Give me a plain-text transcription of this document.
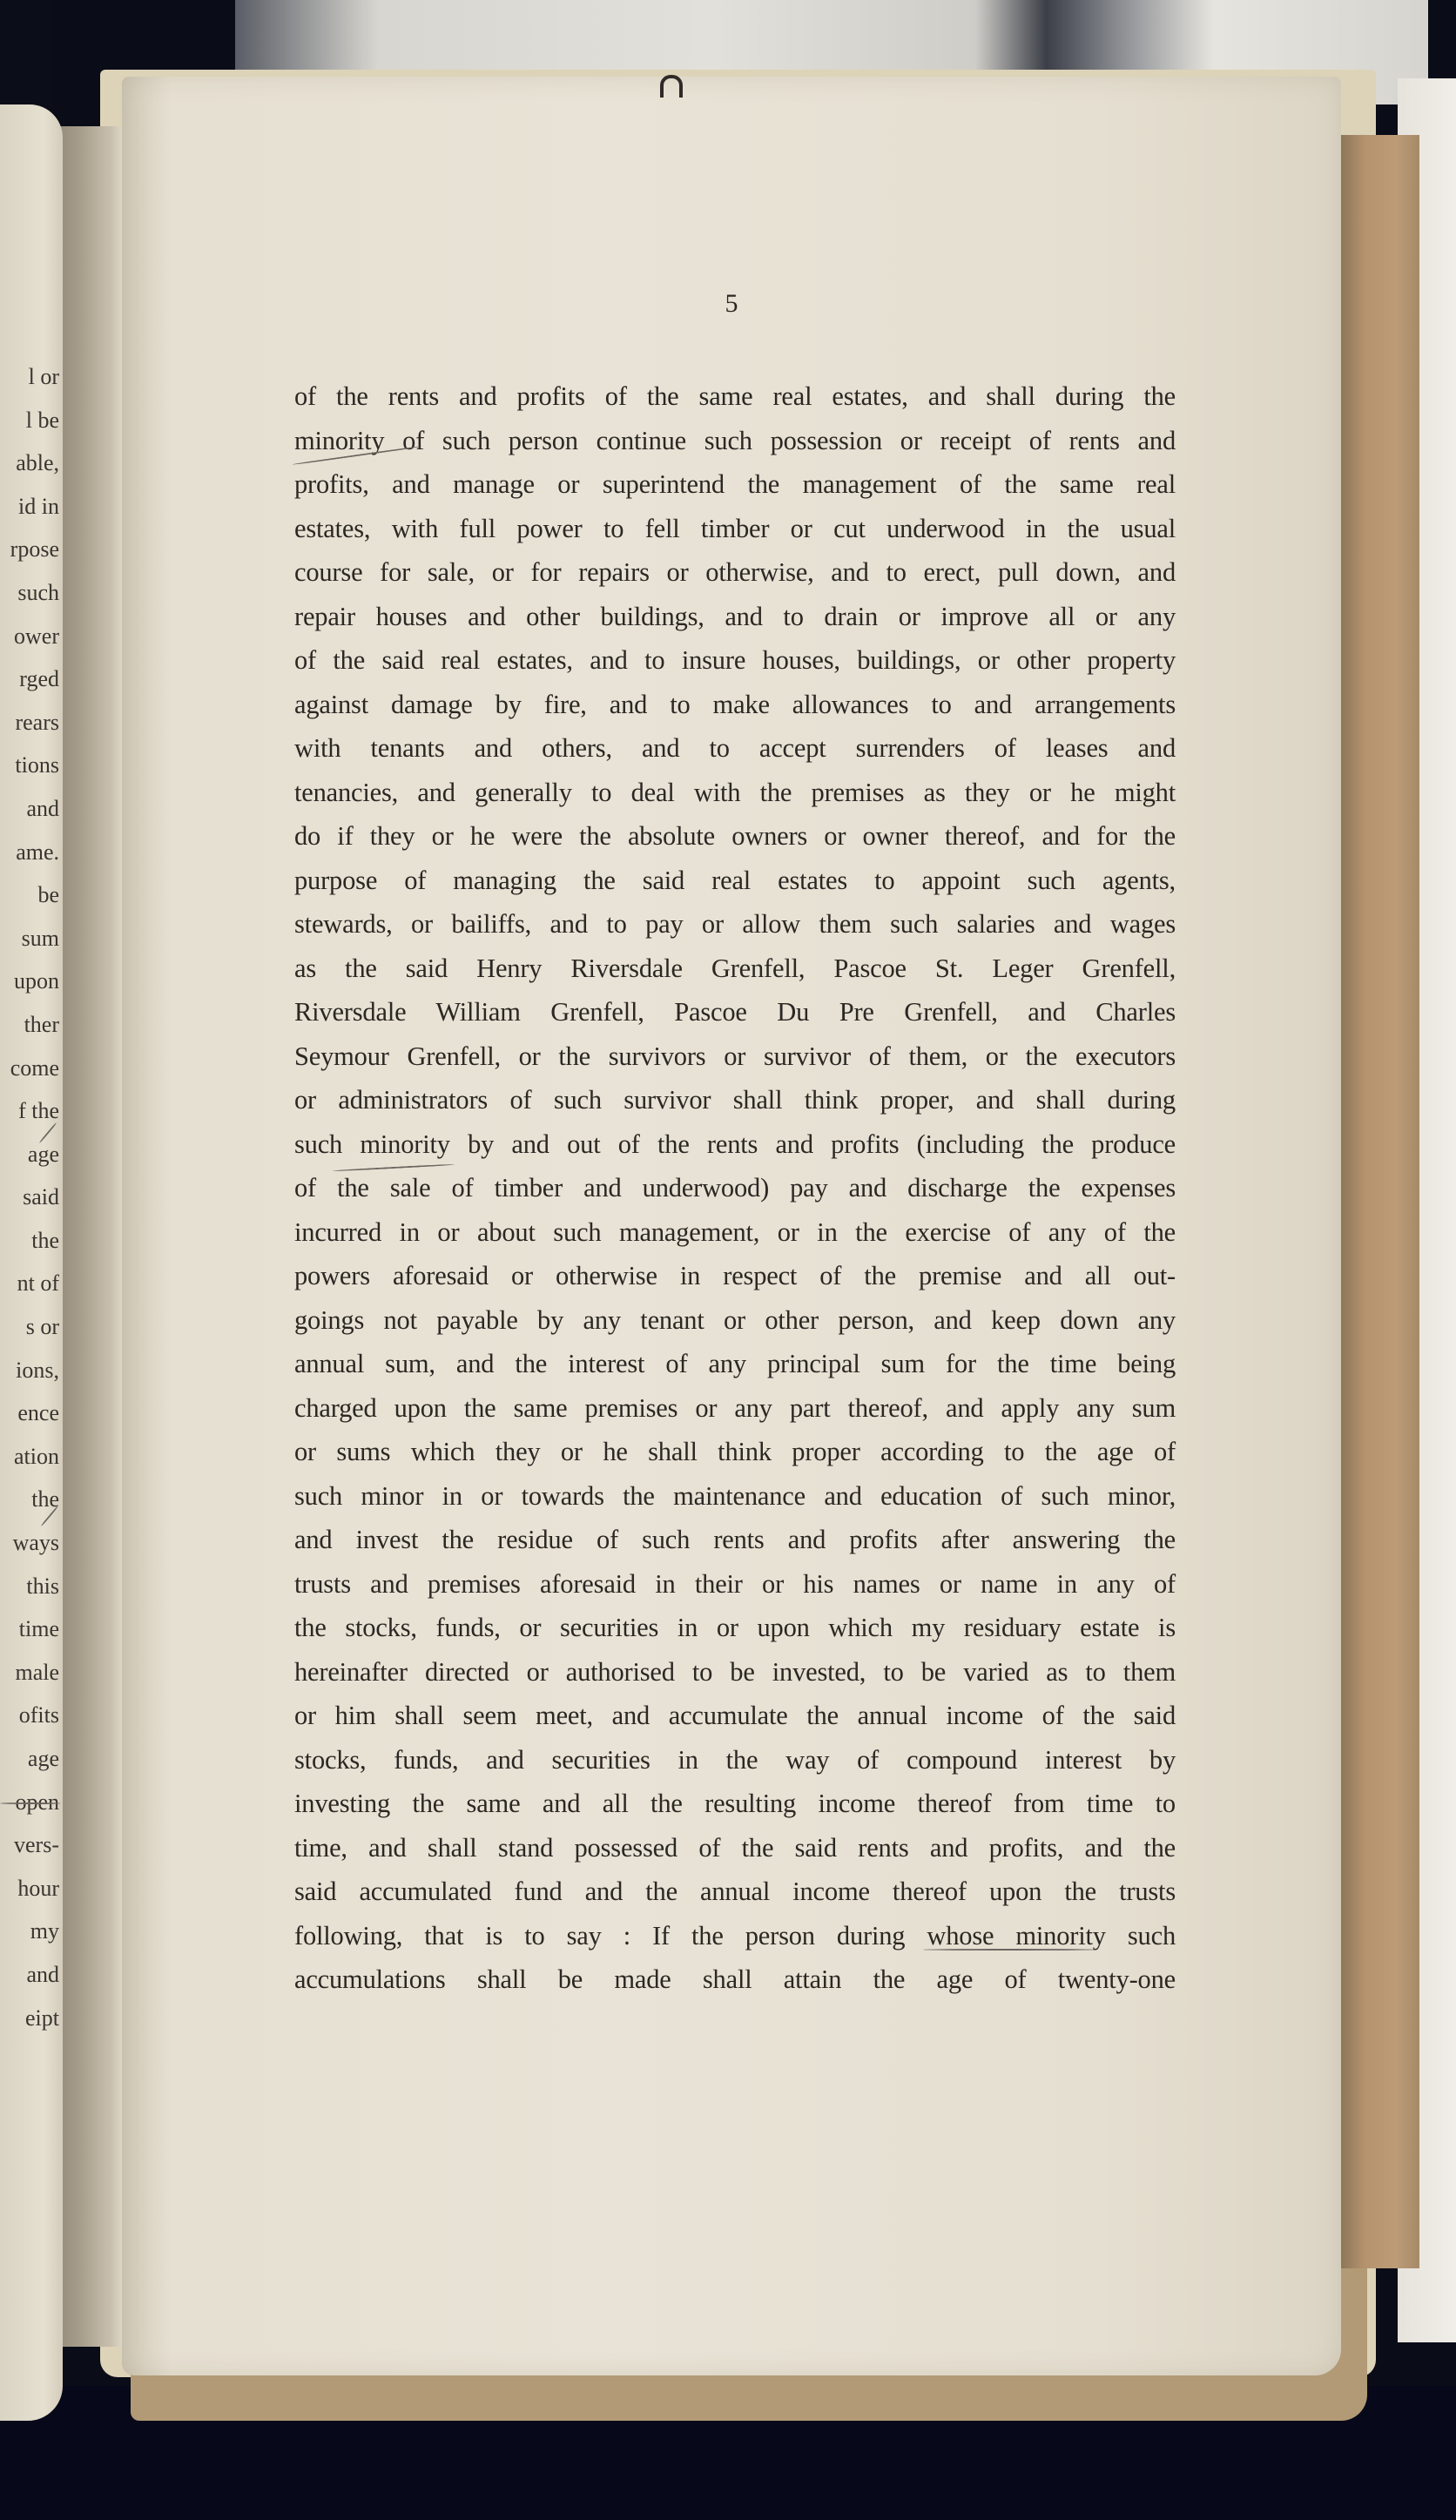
l or
l be
able,
id in
rpose
such
ower
rged
rears
tions
and
ame.
be
sum
upon
ther
come
f the
age
said
the
nt of
s or
ions,
ence
ation
the
ways
this
time
male
ofits
age
open
vers-
hour
my
and
eipt
5
of the rents and profits of the same real estates, and shall during the
minority of such person continue such possession or receipt of rents and
profits, and manage or superintend the management of the same real
estates, with full power to fell timber or cut underwood in the usual
course for sale, or for repairs or otherwise, and to erect, pull down, and
repair houses and other buildings, and to drain or improve all or any
of the said real estates, and to insure houses, buildings, or other property
against damage by fire, and to make allowances to and arrangements
with tenants and others, and to accept surrenders of leases and
tenancies, and generally to deal with the premises as they or he might
do if they or he were the absolute owners or owner thereof, and for the
purpose of managing the said real estates to appoint such agents,
stewards, or bailiffs, and to pay or allow them such salaries and wages
as the said Henry Riversdale Grenfell, Pascoe St. Leger Grenfell,
Riversdale William Grenfell, Pascoe Du Pre Grenfell, and Charles
Seymour Grenfell, or the survivors or survivor of them, or the executors
or administrators of such survivor shall think proper, and shall during
such minority by and out of the rents and profits (including the produce
of the sale of timber and underwood) pay and discharge the expenses
incurred in or about such management, or in the exercise of any of the
powers aforesaid or otherwise in respect of the premise and all out-
goings not payable by any tenant or other person, and keep down any
annual sum, and the interest of any principal sum for the time being
charged upon the same premises or any part thereof, and apply any sum
or sums which they or he shall think proper according to the age of
such minor in or towards the maintenance and education of such minor,
and invest the residue of such rents and profits after answering the
trusts and premises aforesaid in their or his names or name in any of
the stocks, funds, or securities in or upon which my residuary estate is
hereinafter directed or authorised to be invested, to be varied as to them
or him shall seem meet, and accumulate the annual income of the said
stocks, funds, and securities in the way of compound interest by
investing the same and all the resulting income thereof from time to
time, and shall stand possessed of the said rents and profits, and the
said accumulated fund and the annual income thereof upon the trusts
following, that is to say : If the person during whose minority such
accumulations shall be made shall attain the age of twenty-one
